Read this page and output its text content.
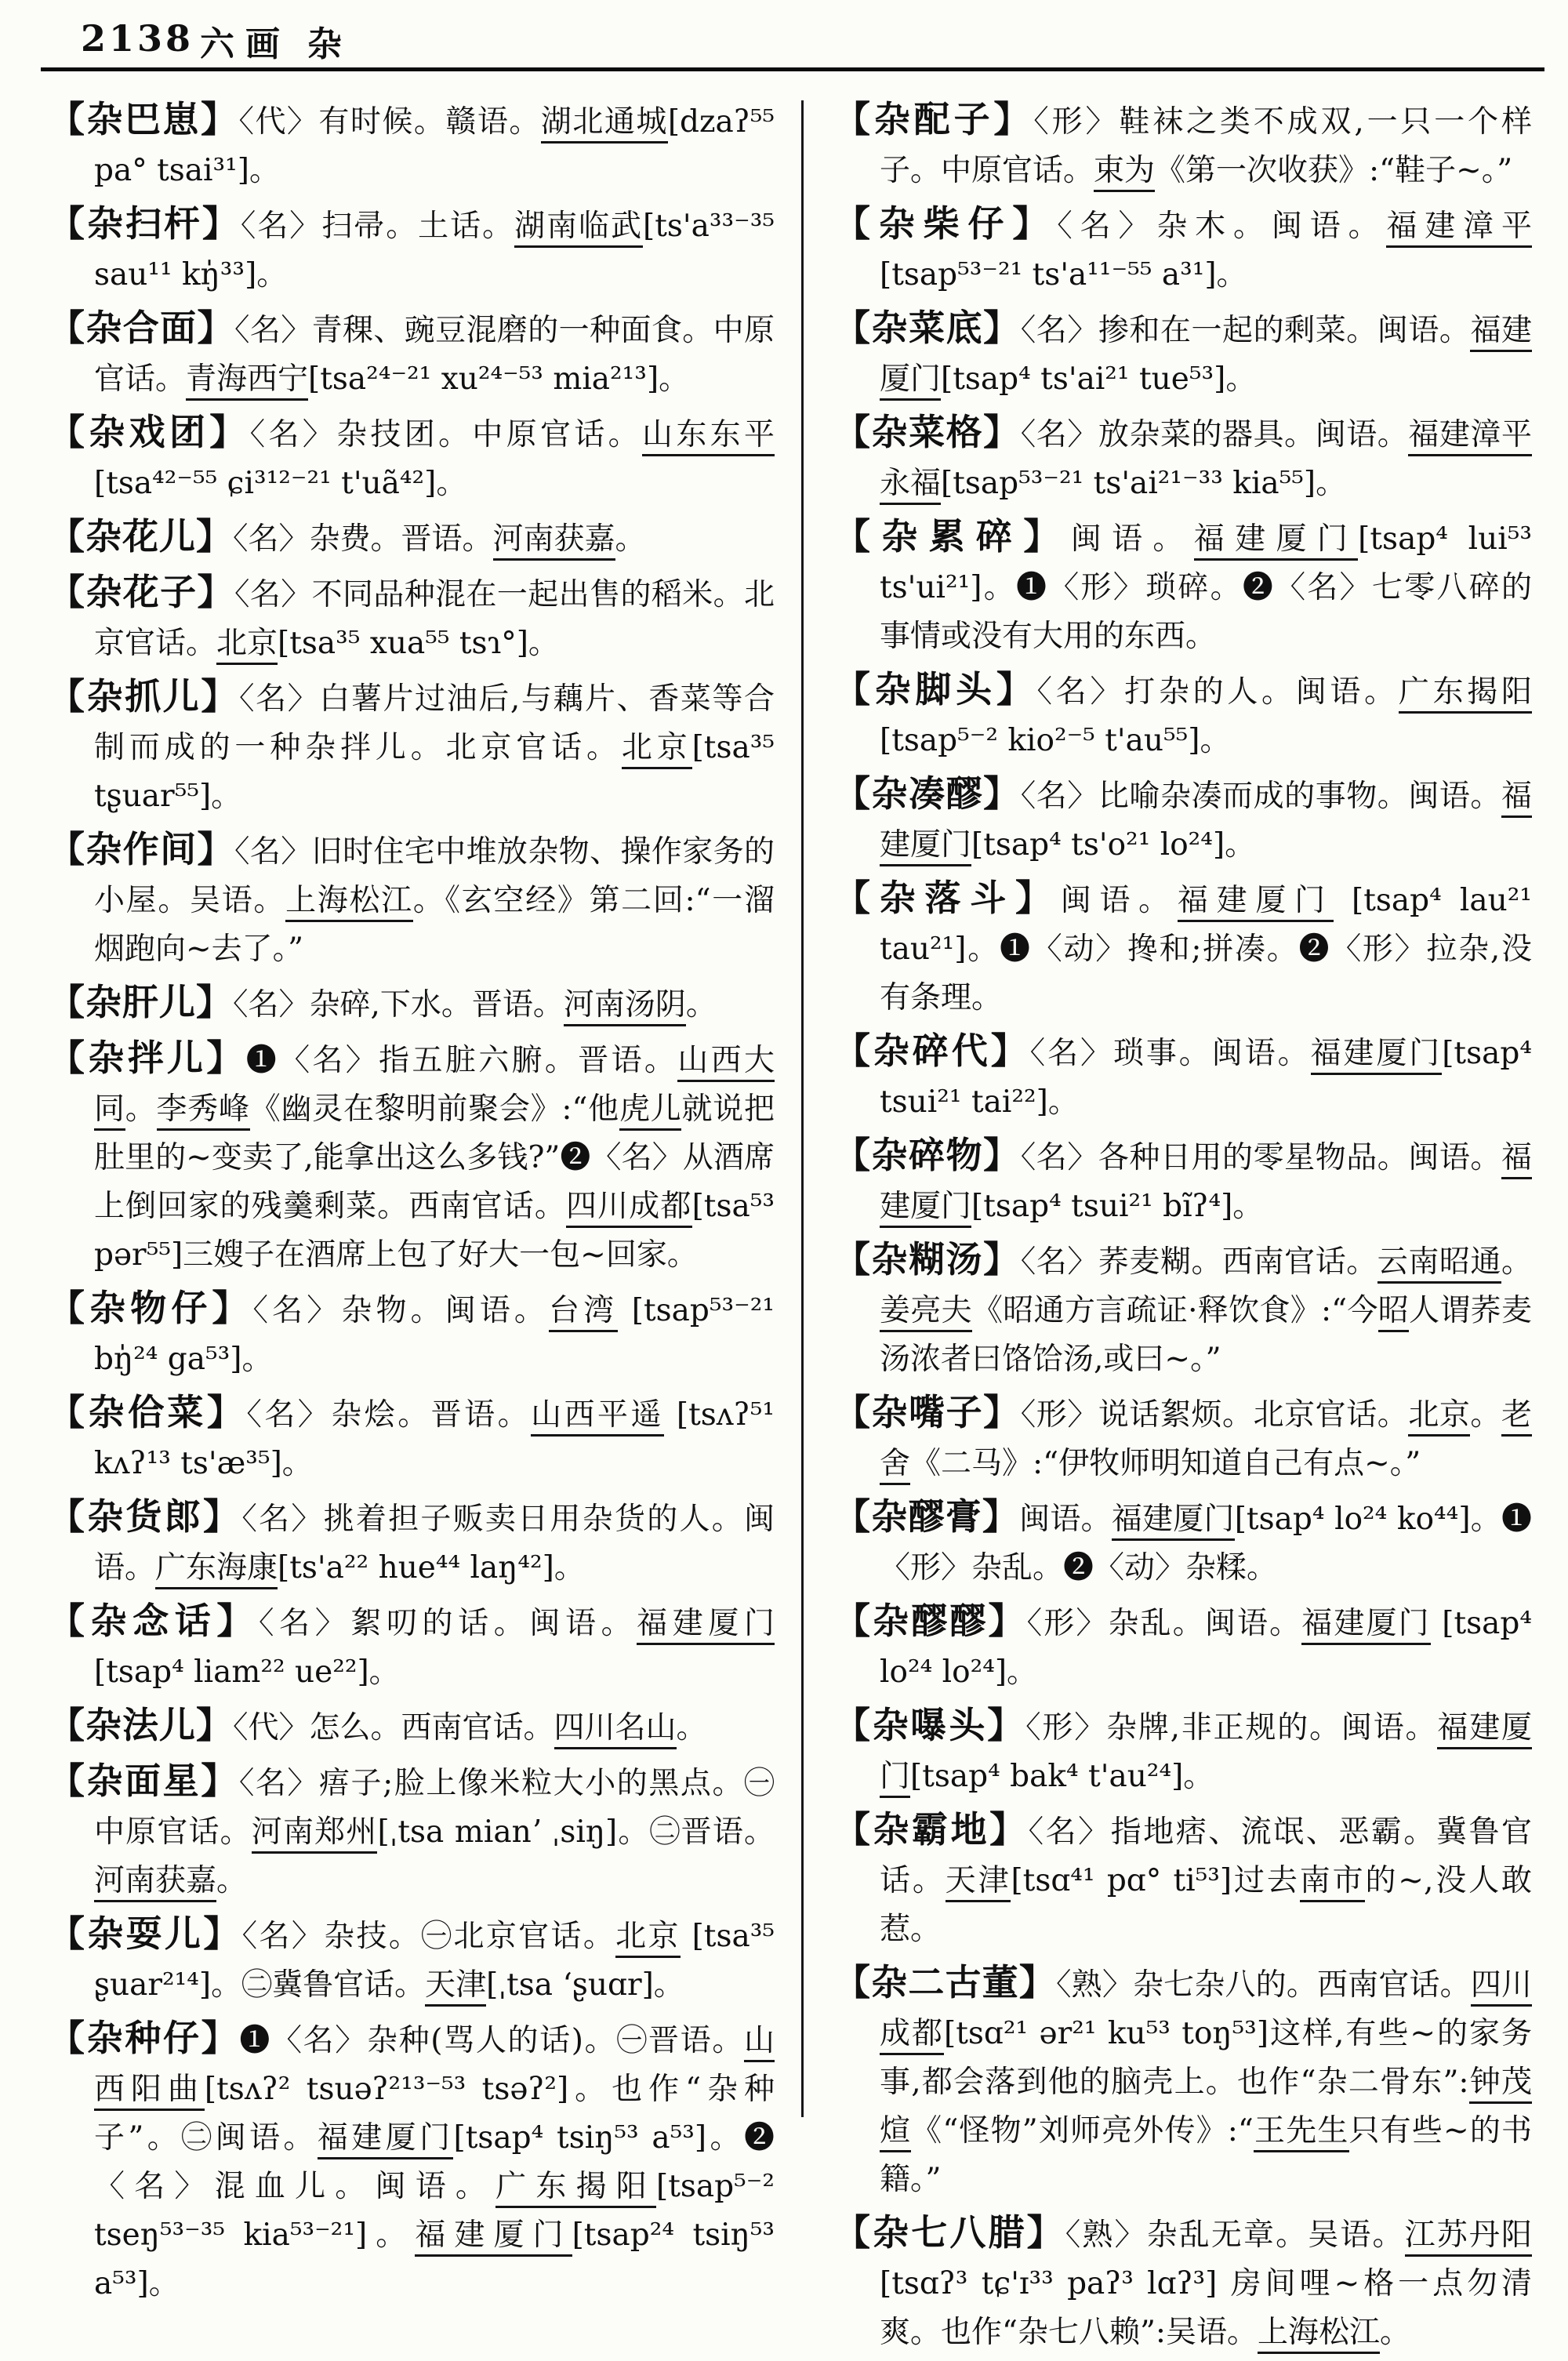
2138 六画 杂
【杂巴崽】〈代〉有时候。赣语。湖北通城[dzaʔ⁵⁵ pa° tsai³¹]。
【杂扫杆】〈名〉扫帚。土话。湖南临武[ts'a³³⁻³⁵ sau¹¹ kŋ̍³³]。
【杂合面】〈名〉青稞、豌豆混磨的一种面食。中原官话。青海西宁[tsa²⁴⁻²¹ xu²⁴⁻⁵³ mia²¹³]。
【杂戏团】〈名〉杂技团。中原官话。山东东平 [tsa⁴²⁻⁵⁵ ɕi³¹²⁻²¹ t'uã⁴²]。
【杂花儿】〈名〉杂费。晋语。河南获嘉。
【杂花子】〈名〉不同品种混在一起出售的稻米。北京官话。北京[tsa³⁵ xua⁵⁵ tsɿ°]。
【杂抓儿】〈名〉白薯片过油后,与藕片、香菜等合制而成的一种杂拌儿。北京官话。北京[tsa³⁵ tʂuar⁵⁵]。
【杂作间】〈名〉旧时住宅中堆放杂物、操作家务的小屋。吴语。上海松江。《玄空经》第二回:“一溜烟跑向~去了。”
【杂肝儿】〈名〉杂碎,下水。晋语。河南汤阴。
【杂拌儿】❶〈名〉指五脏六腑。晋语。山西大同。李秀峰《幽灵在黎明前聚会》:“他虎儿就说把肚里的~变卖了,能拿出这么多钱?”❷〈名〉从酒席上倒回家的残羹剩菜。西南官话。四川成都[tsa⁵³ pər⁵⁵]三嫂子在酒席上包了好大一包~回家。
【杂物仔】〈名〉杂物。闽语。台湾 [tsap⁵³⁻²¹ bŋ̍²⁴ ga⁵³]。
【杂佮菜】〈名〉杂烩。晋语。山西平遥 [tsʌʔ⁵¹ kʌʔ¹³ ts'æ³⁵]。
【杂货郎】〈名〉挑着担子贩卖日用杂货的人。闽语。广东海康[ts'a²² hue⁴⁴ laŋ⁴²]。
【杂念话】〈名〉絮叨的话。闽语。福建厦门 [tsap⁴ liam²² ue²²]。
【杂法儿】〈代〉怎么。西南官话。四川名山。
【杂面星】〈名〉痦子;脸上像米粒大小的黑点。㊀中原官话。河南郑州[ˌtsa mianʼ ˌsiŋ]。㊁晋语。河南获嘉。
【杂耍儿】〈名〉杂技。㊀北京官话。北京 [tsa³⁵ ʂuar²¹⁴]。㊁冀鲁官话。天津[ˌtsa ʻʂuɑr]。
【杂种仔】❶〈名〉杂种(骂人的话)。㊀晋语。山西阳曲[tsʌʔ² tsuəʔ²¹³⁻⁵³ tsəʔ²]。也作“杂种子”。㊁闽语。福建厦门[tsap⁴ tsiŋ⁵³ a⁵³]。❷〈名〉混血儿。闽语。广东揭阳[tsap⁵⁻² tseŋ⁵³⁻³⁵ kia⁵³⁻²¹]。福建厦门[tsap²⁴ tsiŋ⁵³ a⁵³]。
【杂配子】〈形〉鞋袜之类不成双,一只一个样子。中原官话。束为《第一次收获》:“鞋子~。”
【杂柴仔】〈名〉杂木。闽语。福建漳平 [tsap⁵³⁻²¹ ts'a¹¹⁻⁵⁵ a³¹]。
【杂菜底】〈名〉掺和在一起的剩菜。闽语。福建厦门[tsap⁴ ts'ai²¹ tue⁵³]。
【杂菜格】〈名〉放杂菜的器具。闽语。福建漳平永福[tsap⁵³⁻²¹ ts'ai²¹⁻³³ kia⁵⁵]。
【杂累碎】闽语。福建厦门[tsap⁴ lui⁵³ ts'ui²¹]。❶〈形〉琐碎。❷〈名〉七零八碎的事情或没有大用的东西。
【杂脚头】〈名〉打杂的人。闽语。广东揭阳[tsap⁵⁻² kio²⁻⁵ t'au⁵⁵]。
【杂凑醪】〈名〉比喻杂凑而成的事物。闽语。福建厦门[tsap⁴ ts'o²¹ lo²⁴]。
【杂落斗】闽语。福建厦门 [tsap⁴ lau²¹ tau²¹]。❶〈动〉搀和;拼凑。❷〈形〉拉杂,没有条理。
【杂碎代】〈名〉琐事。闽语。福建厦门[tsap⁴ tsui²¹ tai²²]。
【杂碎物】〈名〉各种日用的零星物品。闽语。福建厦门[tsap⁴ tsui²¹ bĩʔ⁴]。
【杂糊汤】〈名〉荞麦糊。西南官话。云南昭通。姜亮夫《昭通方言疏证·释饮食》:“今昭人谓荞麦汤浓者曰饹饸汤,或曰~。”
【杂嘴子】〈形〉说话絮烦。北京官话。北京。老舍《二马》:“伊牧师明知道自己有点~。”
【杂醪膏】闽语。福建厦门[tsap⁴ lo²⁴ ko⁴⁴]。❶〈形〉杂乱。❷〈动〉杂糅。
【杂醪醪】〈形〉杂乱。闽语。福建厦门 [tsap⁴ lo²⁴ lo²⁴]。
【杂嚗头】〈形〉杂牌,非正规的。闽语。福建厦门[tsap⁴ bak⁴ t'au²⁴]。
【杂霸地】〈名〉指地痞、流氓、恶霸。冀鲁官话。天津[tsɑ⁴¹ pɑ° ti⁵³]过去南市的~,没人敢惹。
【杂二古董】〈熟〉杂七杂八的。西南官话。四川成都[tsɑ²¹ ər²¹ ku⁵³ toŋ⁵³]这样,有些~的家务事,都会落到他的脑壳上。也作“杂二骨东”:钟茂煊《“怪物”刘师亮外传》:“王先生只有些~的书籍。”
【杂七八腊】〈熟〉杂乱无章。吴语。江苏丹阳[tsɑʔ³ tɕ'ɪ³³ paʔ³ lɑʔ³] 房间哩~格一点勿清爽。也作“杂七八赖”:吴语。上海松江。
